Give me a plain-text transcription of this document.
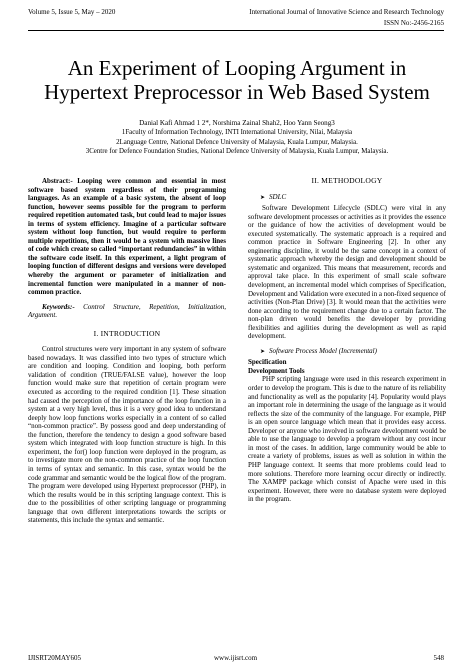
Volume 5, Issue 5, May – 2020	International Journal of Innovative Science and Research Technology
ISSN No:-2456-2165
An Experiment of Looping Argument in
Hypertext Preprocessor in Web Based System
Danial Kafi Ahmad 1 2*, Norshima Zainal Shah2, Hoo Yann Seong3
1Faculty of Information Technology, INTI International University, Nilai, Malaysia
2Language Centre, National Defence University of Malaysia, Kuala Lumpur, Malaysia.
3Centre for Defence Foundation Studies, National Defence University of Malaysia, Kuala Lumpur, Malaysia.

Abstract:- Looping were common and essential in most software based system regardless of their programming languages. As an example of a basic system, the absent of loop function, however seems possible for the program to perform required repetition automated task, but could lead to major issues in terms of system efficiency. Imagine of a particular software system without loop function, but would require to perform multiple repetitions, then it would be a system with massive lines of code which create so called “important redundancies” in within the software code itself. In this experiment, a light program of looping function of different designs and versions were developed whereby the argument or parameter of initialization and incremental function were manipulated in a manner of non-common practice.

Keywords:- Control Structure, Repetition, Initialization, Argument.

I. INTRODUCTION

Control structures were very important in any system of software based nowadays. It was classified into two types of structure which are condition and looping. Condition and looping, both perform validation of condition (TRUE/FALSE value), however the loop function would make sure that repetition of certain program were executed as according to the required condition [1]. These situation had caused the perception of the importance of the loop function in a system at a very high level, thus it is a very good idea to understand deeply how loop functions works especially in a content of so called “non-common practice”. By possess good and deep understanding of the function, therefore the tendency to design a good software based system which integrated with loop function structure is high. In this experiment, the for() loop function were deployed in the program, as to investigate more on the non-common practice of the loop function in terms of syntax and semantic. In this case, syntax would be the code grammar and semantic would be the logical flow of the program. The program were developed using Hypertext preprocessor (PHP), in which the results would be in this scripting language context. This is due to the possibilities of other scripting language or programming language that own different interpretations towards the scripts or statements, this include the syntax and semantic.

II. METHODOLOGY

➤ SDLC

Software Development Lifecycle (SDLC) were vital in any software development processes or activities as it provides the essence or the guidance of how the activities of development would be executed systematically. The systematic approach is a required and common practice in Software Engineering [2]. In other any engineering discipline, it would be the same concept in a context of systematic approach whereby the design and development should be systematic and organized. This means that measurement, records and approval take place. In this experiment of small scale software development, an incremental model which comprises of Specification, Development and Validation were executed in a non-fixed sequence of activities (Non-Plan Drive) [3]. It would mean that the activities were done according to the requirement change due to a certain factor. The non-plan driven would benefits the developer by providing flexibilities and agilities during the development as well as rapid development.

➤ Software Process Model (Incremental)

Specification

Development Tools

PHP scripting language were used in this research experiment in order to develop the program. This is due to the nature of its reliability and functionality as well as the popularity [4]. Popularity would plays an important role in determining the usage of the language as it would reflects the size of the community of the language. For example, PHP is an open source language which mean that it provides easy access. Developer or anyone who involved in software development would be able to use the language to develop a program without any cost incur in most of the cases. In addition, large community would be able to create a variety of problems, issues as well as solution in within the PHP language context. It seems that more problems could lead to more solutions. Therefore more learning occur directly or indirectly. The XAMPP package which consist of Apache were used in this experiment. However, there were no database system were deployed in the program.

IJISRT20MAY605	www.ijisrt.com	548
